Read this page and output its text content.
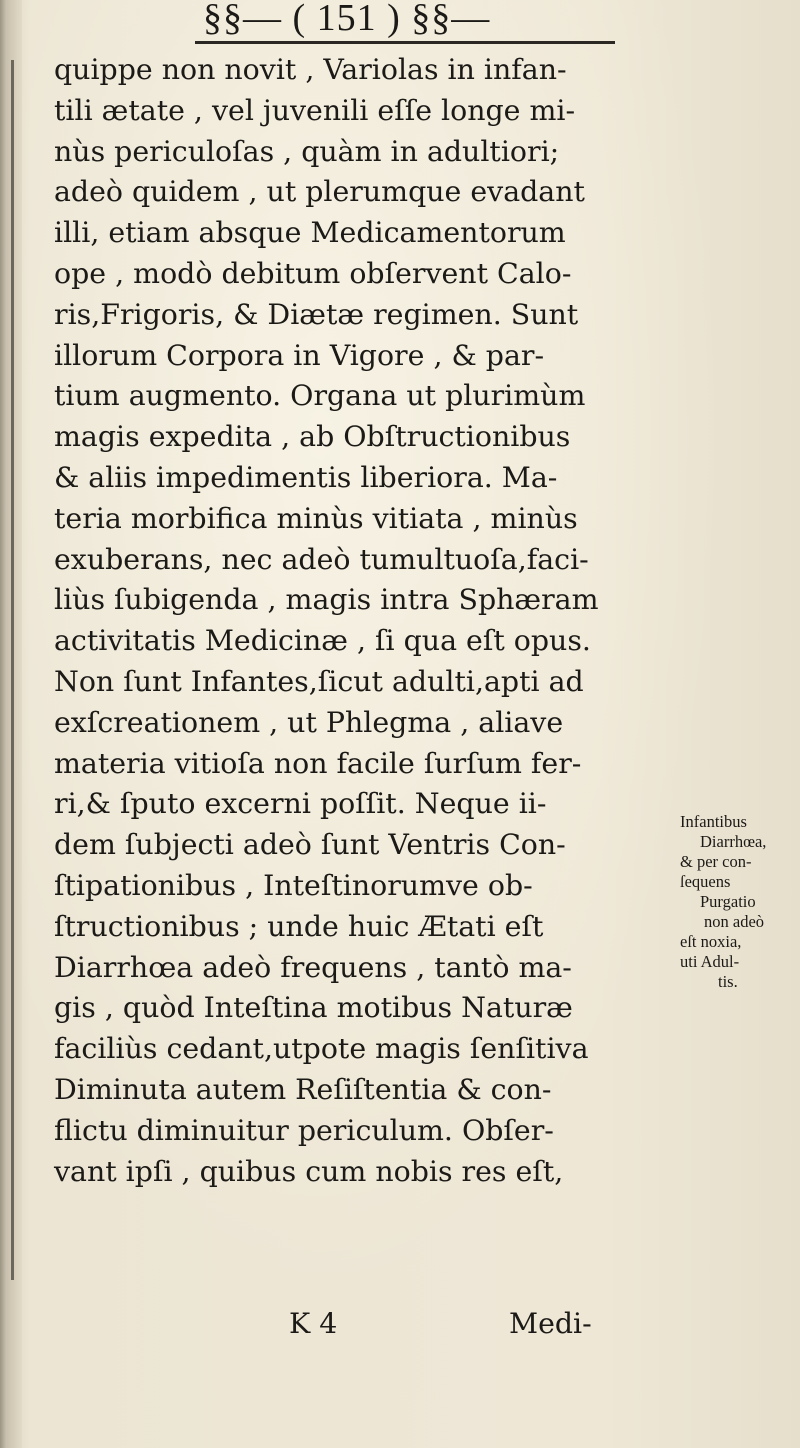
§§— ( 151 ) §§—
quippe non novit , Variolas in infan-
tili ætate , vel juvenili eſſe longe mi-
nùs periculoſas , quàm in adultiori;
adeò quidem , ut plerumque evadant
illi, etiam absque Medicamentorum
ope , modò debitum obſervent Calo-
ris,Frigoris, & Diætæ regimen. Sunt
illorum Corpora in Vigore , & par-
tium augmento. Organa ut plurimùm
magis expedita , ab Obſtructionibus
& aliis impedimentis liberiora. Ma-
teria morbifica minùs vitiata , minùs
exuberans, nec adeò tumultuoſa,faci-
liùs ſubigenda , magis intra Sphæram
activitatis Medicinæ , ſi qua eſt opus.
Non ſunt Infantes,ſicut adulti,apti ad
exſcreationem , ut Phlegma , aliave
materia vitioſa non facile ſurſum fer-
ri,& ſputo excerni poſſit. Neque ii-
dem ſubjecti adeò ſunt Ventris Con-
ſtipationibus , Inteſtinorumve ob-
ſtructionibus ; unde huic Ætati eſt
Diarrhœa adeò frequens , tantò ma-
gis , quòd Inteſtina motibus Naturæ
faciliùs cedant,utpote magis ſenſitiva
Diminuta autem Reſiſtentia & con-
flictu diminuitur periculum. Obſer-
vant ipſi , quibus cum nobis res eſt,
Infantibus
Diarrhœa,
& per con-
ſequens
Purgatio
non adeò
eſt noxia,
uti Adul-
tis.
K 4	Medi-
